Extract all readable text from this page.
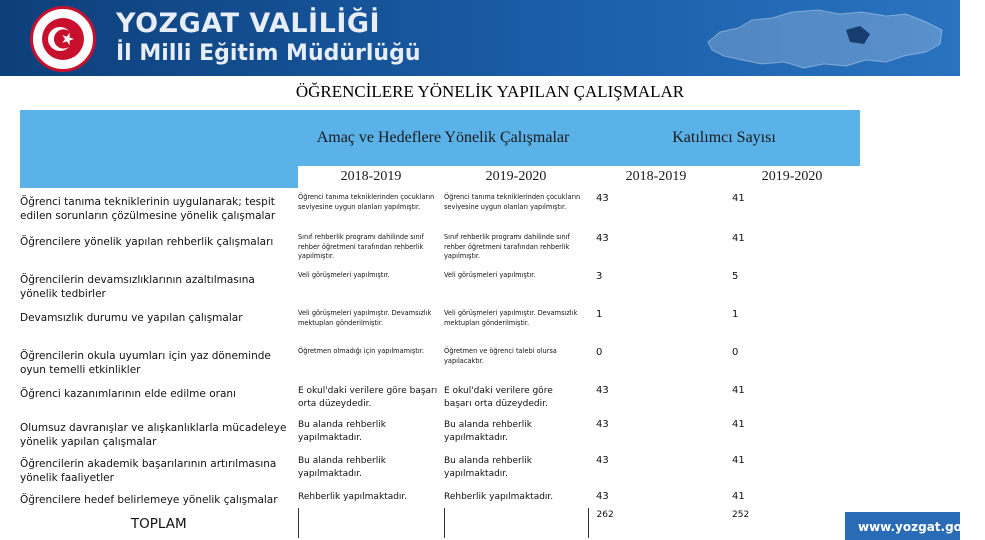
YOZGAT VALİLİĞİ
İl Milli Eğitim Müdürlüğü
ÖĞRENCİLERE YÖNELİK YAPILAN ÇALIŞMALAR
	Amaç ve Hedeflere Yönelik Çalışmalar		Katılımcı Sayısı	
	2018-2019	2019-2020	2018-2019	2019-2020
Öğrenci tanıma tekniklerinin uygulanarak; tespit edilen sorunların çözülmesine yönelik çalışmalar	Öğrenci tanıma tekniklerinden çocukların seviyesine uygun olanları yapılmıştır.	Öğrenci tanıma tekniklerinden çocukların seviyesine uygun olanları yapılmıştır.	43	41
Öğrencilere yönelik yapılan rehberlik çalışmaları	Sınıf rehberlik programı dahilinde sınıf rehber öğretmeni tarafından rehberlik yapılmıştır.	Sınıf rehberlik programı dahilinde sınıf rehber öğretmeni tarafından rehberlik yapılmıştır.	43	41
Öğrencilerin devamsızlıklarının azaltılmasına yönelik tedbirler	Veli görüşmeleri yapılmıştır.	Veli görüşmeleri yapılmıştır.	3	5
Devamsızlık durumu ve yapılan çalışmalar	Veli görüşmeleri yapılmıştır. Devamsızlık mektupları gönderilmiştir.	Veli görüşmeleri yapılmıştır. Devamsızlık mektupları gönderilmiştir.	1	1
Öğrencilerin okula uyumları için yaz döneminde oyun temelli etkinlikler	Öğretmen olmadığı için yapılmamıştır.	Öğretmen ve öğrenci talebi olursa yapılacaktır.	0	0
Öğrenci kazanımlarının elde edilme oranı	E okul'daki verilere göre başarı orta düzeydedir.	E okul'daki verilere göre başarı orta düzeydedir.	43	41
Olumsuz davranışlar ve alışkanlıklarla mücadeleye yönelik yapılan çalışmalar	Bu alanda rehberlik yapılmaktadır.	Bu alanda rehberlik yapılmaktadır.	43	41
Öğrencilerin akademik başarılarının artırılmasına yönelik faaliyetler	Bu alanda rehberlik yapılmaktadır.	Bu alanda rehberlik yapılmaktadır.	43	41
Öğrencilere hedef belirlemeye yönelik çalışmalar	Rehberlik yapılmaktadır.	Rehberlik yapılmaktadır.	43	41
TOPLAM			262	252
www.yozgat.gov.tr
